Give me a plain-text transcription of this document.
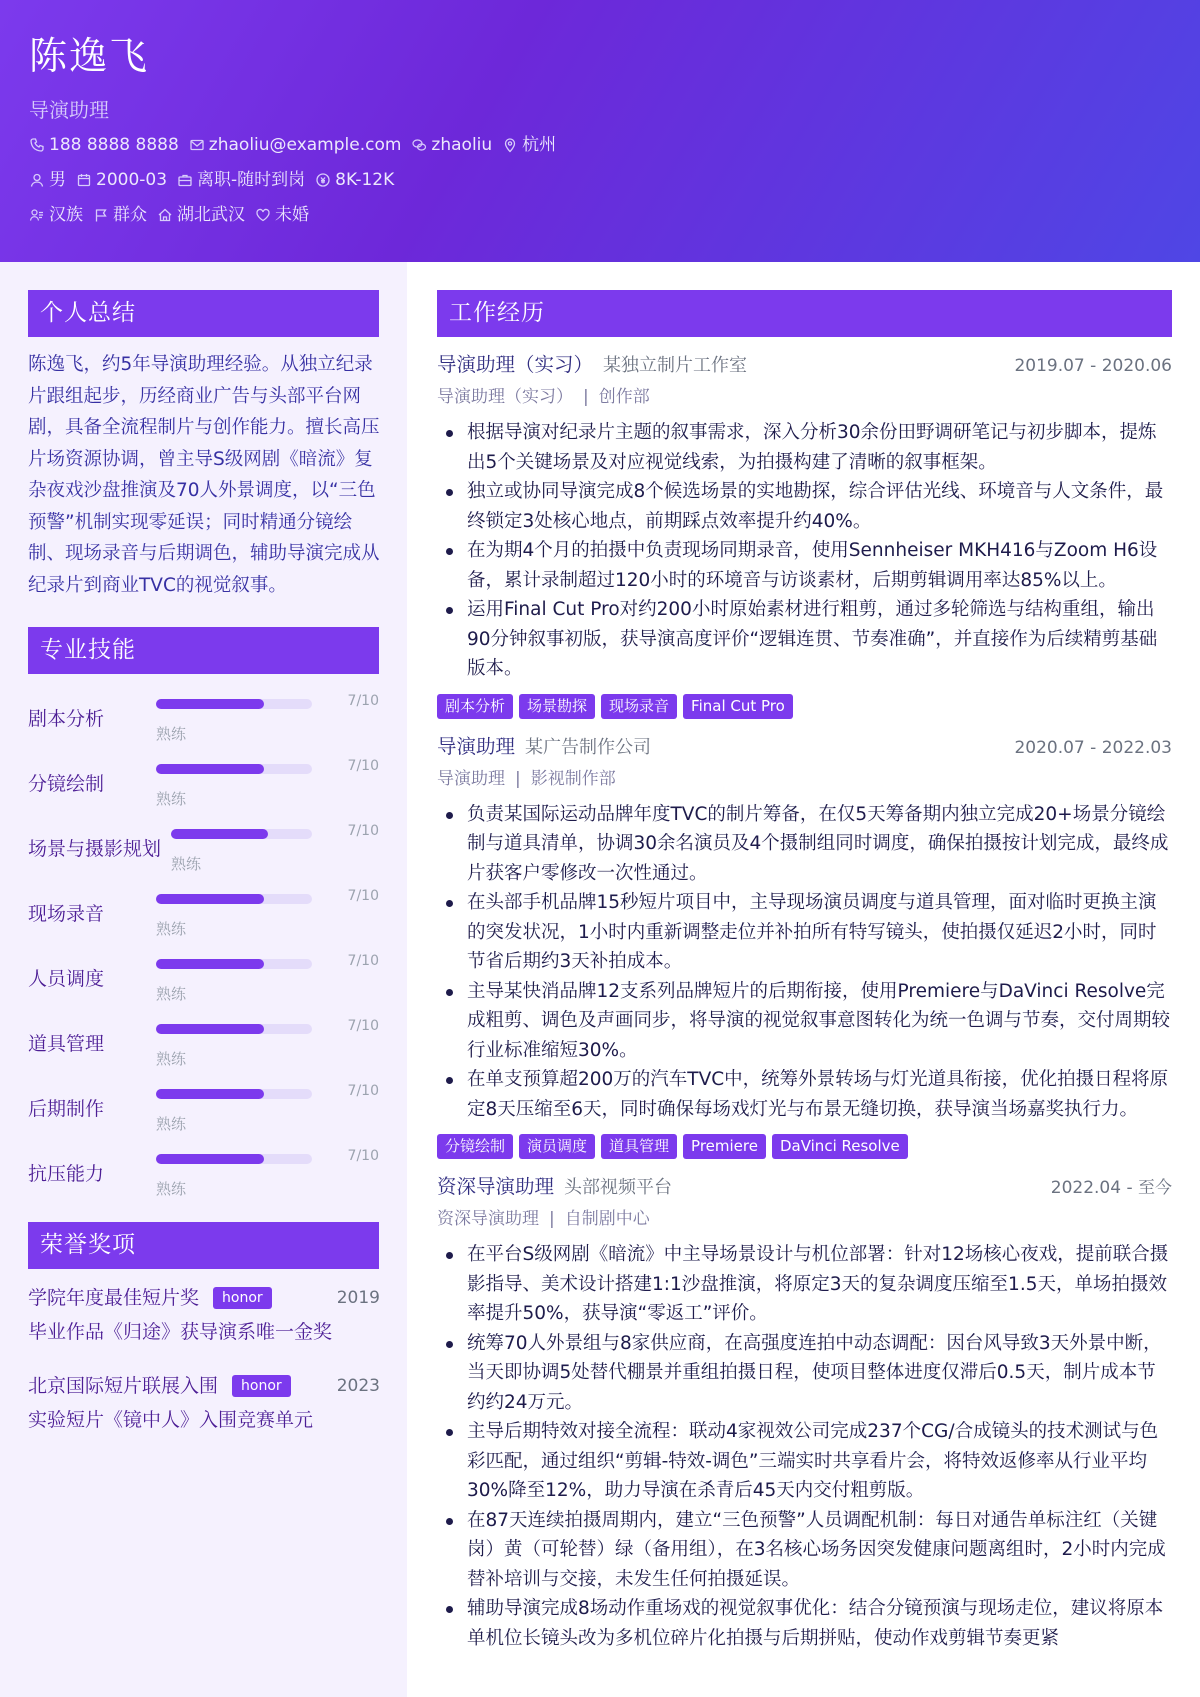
陈逸飞
导演助理
188 8888 8888 zhaoliu@example.com zhaoliu 杭州
男 2000-03 离职-随时到岗 8K-12K
汉族 群众 湖北武汉 未婚
个人总结
陈逸飞，约5年导演助理经验。从独立纪录片跟组起步，历经商业广告与头部平台网剧，具备全流程制片与创作能力。擅长高压片场资源协调，曾主导S级网剧《暗流》复杂夜戏沙盘推演及70人外景调度，以“三色预警”机制实现零延误；同时精通分镜绘制、现场录音与后期调色，辅助导演完成从纪录片到商业TVC的视觉叙事。
专业技能
剧本分析
7/10
熟练
分镜绘制
7/10
熟练
场景与摄影规划
7/10
熟练
现场录音
7/10
熟练
人员调度
7/10
熟练
道具管理
7/10
熟练
后期制作
7/10
熟练
抗压能力
7/10
熟练
荣誉奖项
学院年度最佳短片奖	honor	2019
毕业作品《归途》获导演系唯一金奖
北京国际短片联展入围	honor	2023
实验短片《镜中人》入围竞赛单元
工作经历
导演助理（实习） 某独立制片工作室	2019.07 - 2020.06
导演助理（实习） | 创作部
根据导演对纪录片主题的叙事需求，深入分析30余份田野调研笔记与初步脚本，提炼出5个关键场景及对应视觉线索，为拍摄构建了清晰的叙事框架。
独立或协同导演完成8个候选场景的实地勘探，综合评估光线、环境音与人文条件，最终锁定3处核心地点，前期踩点效率提升约40%。
在为期4个月的拍摄中负责现场同期录音，使用Sennheiser MKH416与Zoom H6设备，累计录制超过120小时的环境音与访谈素材，后期剪辑调用率达85%以上。
运用Final Cut Pro对约200小时原始素材进行粗剪，通过多轮筛选与结构重组，输出90分钟叙事初版，获导演高度评价“逻辑连贯、节奏准确”，并直接作为后续精剪基础版本。
剧本分析	场景勘探	现场录音	Final Cut Pro
导演助理 某广告制作公司	2020.07 - 2022.03
导演助理 | 影视制作部
负责某国际运动品牌年度TVC的制片筹备，在仅5天筹备期内独立完成20+场景分镜绘制与道具清单，协调30余名演员及4个摄制组同时调度，确保拍摄按计划完成，最终成片获客户零修改一次性通过。
在头部手机品牌15秒短片项目中，主导现场演员调度与道具管理，面对临时更换主演的突发状况，1小时内重新调整走位并补拍所有特写镜头，使拍摄仅延迟2小时，同时节省后期约3天补拍成本。
主导某快消品牌12支系列品牌短片的后期衔接，使用Premiere与DaVinci Resolve完成粗剪、调色及声画同步，将导演的视觉叙事意图转化为统一色调与节奏，交付周期较行业标准缩短30%。
在单支预算超200万的汽车TVC中，统筹外景转场与灯光道具衔接，优化拍摄日程将原定8天压缩至6天，同时确保每场戏灯光与布景无缝切换，获导演当场嘉奖执行力。
分镜绘制	演员调度	道具管理	Premiere	DaVinci Resolve
资深导演助理 头部视频平台	2022.04 - 至今
资深导演助理 | 自制剧中心
在平台S级网剧《暗流》中主导场景设计与机位部署：针对12场核心夜戏，提前联合摄影指导、美术设计搭建1:1沙盘推演，将原定3天的复杂调度压缩至1.5天，单场拍摄效率提升50%，获导演“零返工”评价。
统筹70人外景组与8家供应商，在高强度连拍中动态调配：因台风导致3天外景中断，当天即协调5处替代棚景并重组拍摄日程，使项目整体进度仅滞后0.5天，制片成本节约约24万元。
主导后期特效对接全流程：联动4家视效公司完成237个CG/合成镜头的技术测试与色彩匹配，通过组织“剪辑-特效-调色”三端实时共享看片会，将特效返修率从行业平均30%降至12%，助力导演在杀青后45天内交付粗剪版。
在87天连续拍摄周期内，建立“三色预警”人员调配机制：每日对通告单标注红（关键岗）黄（可轮替）绿（备用组），在3名核心场务因突发健康问题离组时，2小时内完成替补培训与交接，未发生任何拍摄延误。
辅助导演完成8场动作重场戏的视觉叙事优化：结合分镜预演与现场走位，建议将原本单机位长镜头改为多机位碎片化拍摄与后期拼贴，使动作戏剪辑节奏更紧
